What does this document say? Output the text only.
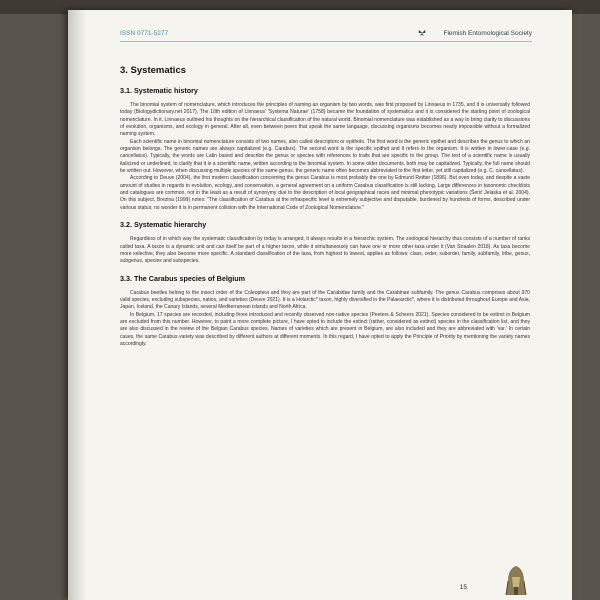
ISSN 0771-5277	Flemish Entomological Society
3. Systematics
3.1. Systematic history

The binomial system of nomenclature, which introduces the principles of naming an organism by two words, was first proposed by Linnaeus in 1735, and it is universally followed today (Biologydictionary.net 2017). The 10th edition of Linnaeus' 'Systema Naturae' (1758) became the foundation of systematics and it is considered the starting point of zoological nomenclature. In it, Linnaeus outlined his thoughts on the hierarchical classification of the natural world. Binomial nomenclature was established as a way to bring clarity to discussions of evolution, organisms, and ecology in general. After all, even between peers that speak the same language, discussing organisms becomes nearly impossible without a formalized naming system.

Each scientific name in binomial nomenclature consists of two names, also called descriptors or epithets. The first word is the generic epithet and describes the genus to which an organism belongs. The generic names are always capitalized (e.g. Carabus). The second word is the specific epithet and it refers to the organism. It is written in lower-case (e.g. cancellatus). Typically, the words are Latin based and describe the genus or species with references to traits that are specific to the group. The text of a scientific name is usually italicized or underlined, to clarify that it is a scientific name, written according to the binomial system. In some older documents, both may be capitalized. Typically, the full name should be written out. However, when discussing multiple species of the same genus, the generic name often becomes abbreviated to the first letter, yet still capitalized (e.g. C. cancellatus).

According to Deuve (2004), the first modern classification concerning the genus Carabus is most probably the one by Edmund Reitter (1896). But even today, and despite a vaste amount of studies in regards to evolution, ecology, and conservation, a general agreement on a uniform Carabus classification is still lacking. Large differences in taxonomic checklists and catalogues are common, not in the least as a result of synonymy due to the description of local geographical races and minimal phenotypic variations (Šerić Jelaska et al. 2004). On this subject, Brezina (1999) notes: "The classification of Carabus at the infraspecific level is extremely subjective and disputable, burdened by hundreds of forms, described under various status; no wonder it is in permanent collision with the International Code of Zoological Nomenclature."

3.2. Systematic hierarchy

Regardless of in which way the systematic classification by today is arranged, it always results in a hierarchic system. The zoological hierarchy thus consists of a number of ranks called taxa. A taxon is a dynamic unit and can itself be part of a higher taxon, while it simultaneously can have one or more other taxa under it (Van Straalen 2018). As taxa become more selective, they also become more specific. A standard classification of the taxa, from highest to lowest, applies as follows: class, order, suborder, family, subfamily, tribe, genus, subgenus, species and subspecies.

3.3. The Carabus species of Belgium

Carabus beetles belong to the insect order of the Coleoptera and they are part of the Carabidae family and the Carabinae subfamily. The genus Carabus comprises about 970 valid species, excluding subspecies, natios, and varieties (Deuve 2021). It is a Holarctic* taxon, highly diversified in the Palaearctic*, where it is distributed throughout Europe and Asia, Japan, Iceland, the Canary Islands, several Mediterranean islands and North Africa.

In Belgium, 17 species are recorded, including three introduced and recently observed non-native species (Peeters & Scheers 2021). Species considered to be extinct in Belgium are excluded from this number. However, to paint a more complete picture, I have opted to include the extinct (rather, considered as extinct) species in the classification list, and they are also discussed in the review of the Belgian Carabus species. Names of varieties which are present in Belgium, are also included and they are abbreviated with 'var.' In certain cases, the same Carabus variety was described by different authors at different moments. In this regard, I have opted to apply the Principle of Priority by mentioning the variety names accordingly.

15
